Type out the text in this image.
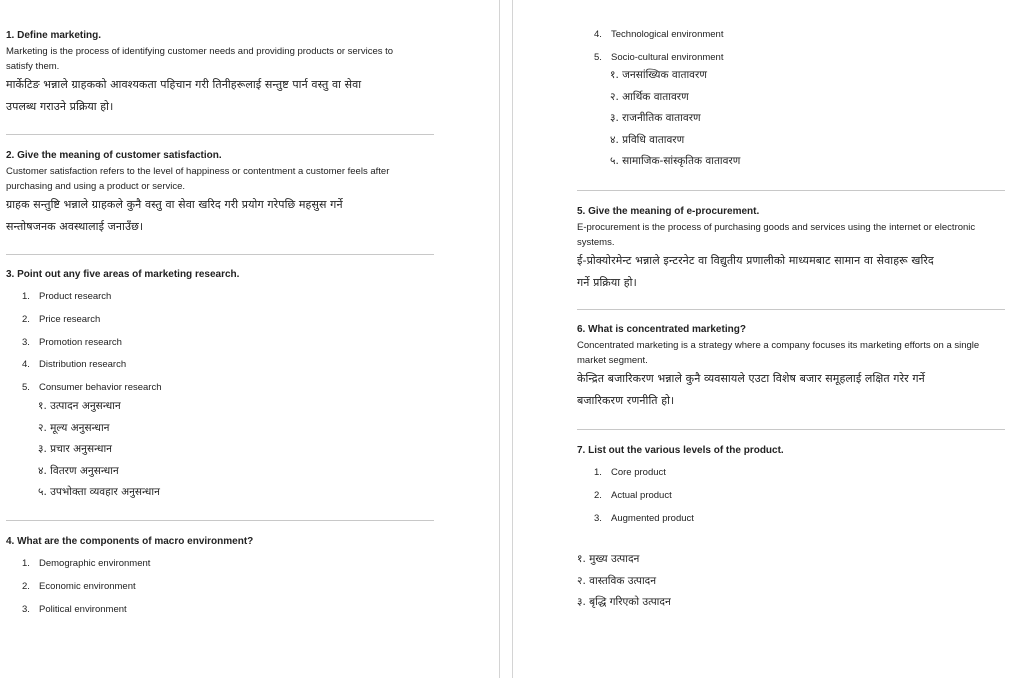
1. Define marketing.

Marketing is the process of identifying customer needs and providing products or services to
satisfy them.

मार्केटिङ भन्नाले ग्राहकको आवश्यकता पहिचान गरी तिनीहरूलाई सन्तुष्ट पार्न वस्तु वा सेवा
उपलब्ध गराउने प्रक्रिया हो।

2. Give the meaning of customer satisfaction.

Customer satisfaction refers to the level of happiness or contentment a customer feels after
purchasing and using a product or service.

ग्राहक सन्तुष्टि भन्नाले ग्राहकले कुनै वस्तु वा सेवा खरिद गरी प्रयोग गरेपछि महसुस गर्ने
सन्तोषजनक अवस्थालाई जनाउँछ।

3. Point out any five areas of marketing research.

1. Product research
2. Price research
3. Promotion research
4. Distribution research
5. Consumer behavior research
१. उत्पादन अनुसन्धान
२. मूल्य अनुसन्धान
३. प्रचार अनुसन्धान
४. वितरण अनुसन्धान
५. उपभोक्ता व्यवहार अनुसन्धान

4. What are the components of macro environment?

1. Demographic environment
2. Economic environment
3. Political environment
4. Technological environment
5. Socio-cultural environment
१. जनसांख्यिक वातावरण
२. आर्थिक वातावरण
३. राजनीतिक वातावरण
४. प्रविधि वातावरण
५. सामाजिक-सांस्कृतिक वातावरण

5. Give the meaning of e-procurement.

E-procurement is the process of purchasing goods and services using the internet or electronic
systems.

ई-प्रोक्योरमेन्ट भन्नाले इन्टरनेट वा विद्युतीय प्रणालीको माध्यमबाट सामान वा सेवाहरू खरिद
गर्ने प्रक्रिया हो।

6. What is concentrated marketing?

Concentrated marketing is a strategy where a company focuses its marketing efforts on a single
market segment.

केन्द्रित बजारिकरण भन्नाले कुनै व्यवसायले एउटा विशेष बजार समूहलाई लक्षित गरेर गर्ने
बजारिकरण रणनीति हो।

7. List out the various levels of the product.

1. Core product
2. Actual product
3. Augmented product
१. मुख्य उत्पादन
२. वास्तविक उत्पादन
३. बृद्धि गरिएको उत्पादन
